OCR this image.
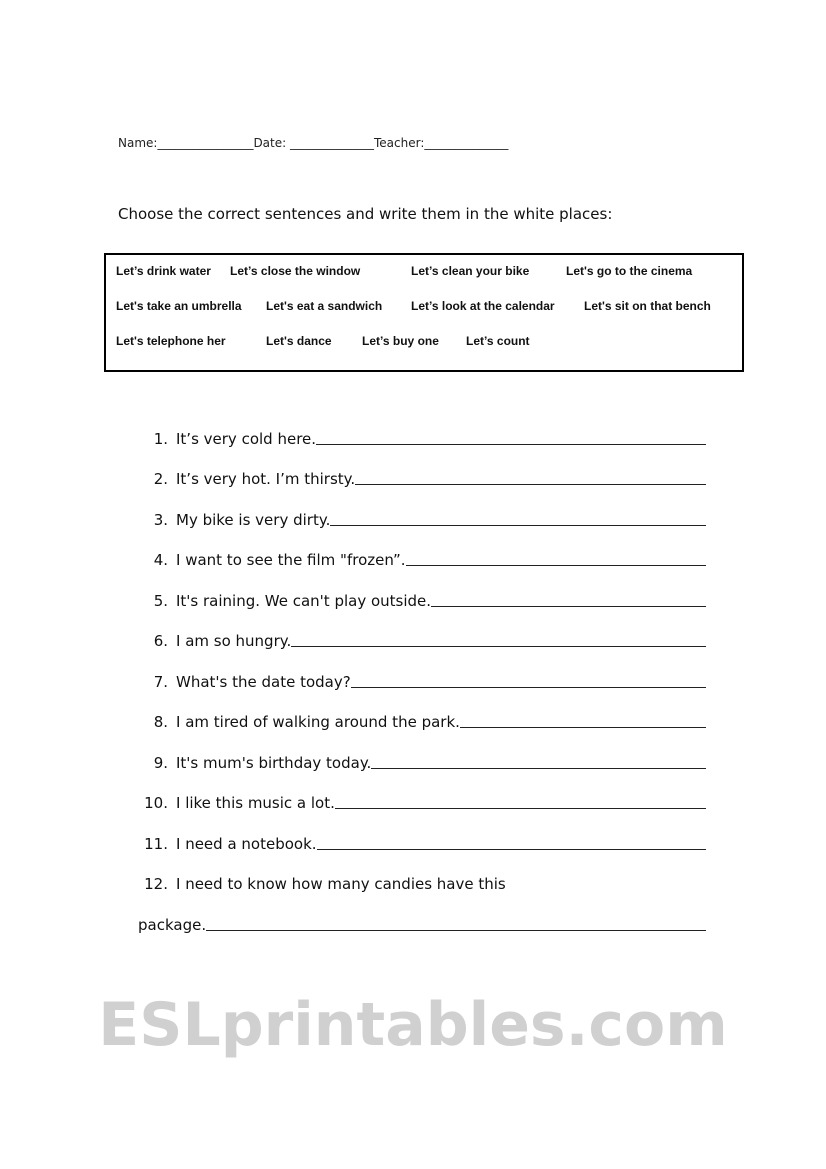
Name:________________Date: ______________Teacher:______________
Choose the correct sentences and write them in the white places:
Let’s drink water Let’s close the window	Let’s clean your bike	Let's go to the cinema
Let's take an umbrella Let's eat a sandwich Let’s look at the calendar Let's sit on that bench
Let's telephone her	Let's dance	Let’s buy one Let’s count
1. It’s very cold here.
2. It’s very hot. I’m thirsty.
3. My bike is very dirty.
4. I want to see the film "frozen”.
5. It's raining. We can't play outside.
6. I am so hungry.
7. What's the date today?
8. I am tired of walking around the park.
9. It's mum's birthday today.
10. I like this music a lot.
11. I need a notebook.
12. I need to know how many candies have this
package.
ESLprintables.com
